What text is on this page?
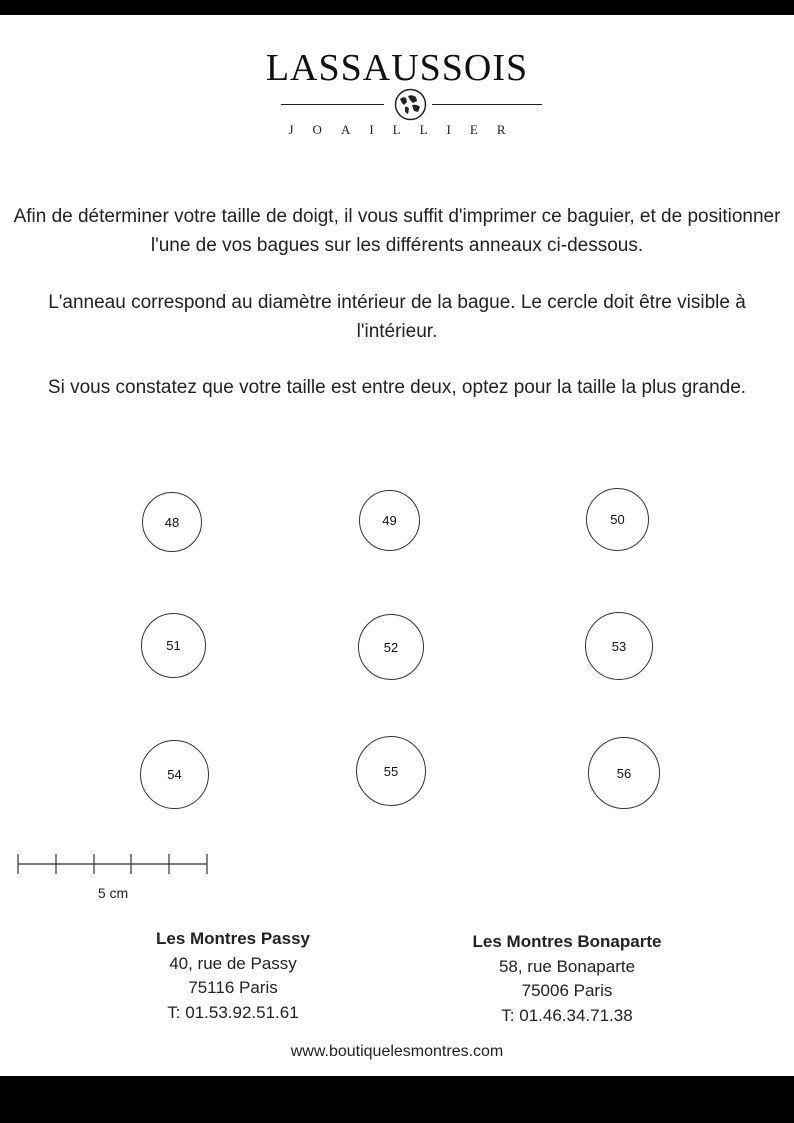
LASSAUSSOIS
JOAILLIER

Afin de déterminer votre taille de doigt, il vous suffit d'imprimer ce baguier, et de positionner l'une de vos bagues sur les différents anneaux ci-dessous.

L'anneau correspond au diamètre intérieur de la bague. Le cercle doit être visible à l'intérieur.

Si vous constatez que votre taille est entre deux, optez pour la taille la plus grande.

48	49	50
51	52	53
54	55	56
5 cm
Les Montres Passy
40, rue de Passy
75116 Paris
T: 01.53.92.51.61
Les Montres Bonaparte
58, rue Bonaparte
75006 Paris
T: 01.46.34.71.38
www.boutiquelesmontres.com
